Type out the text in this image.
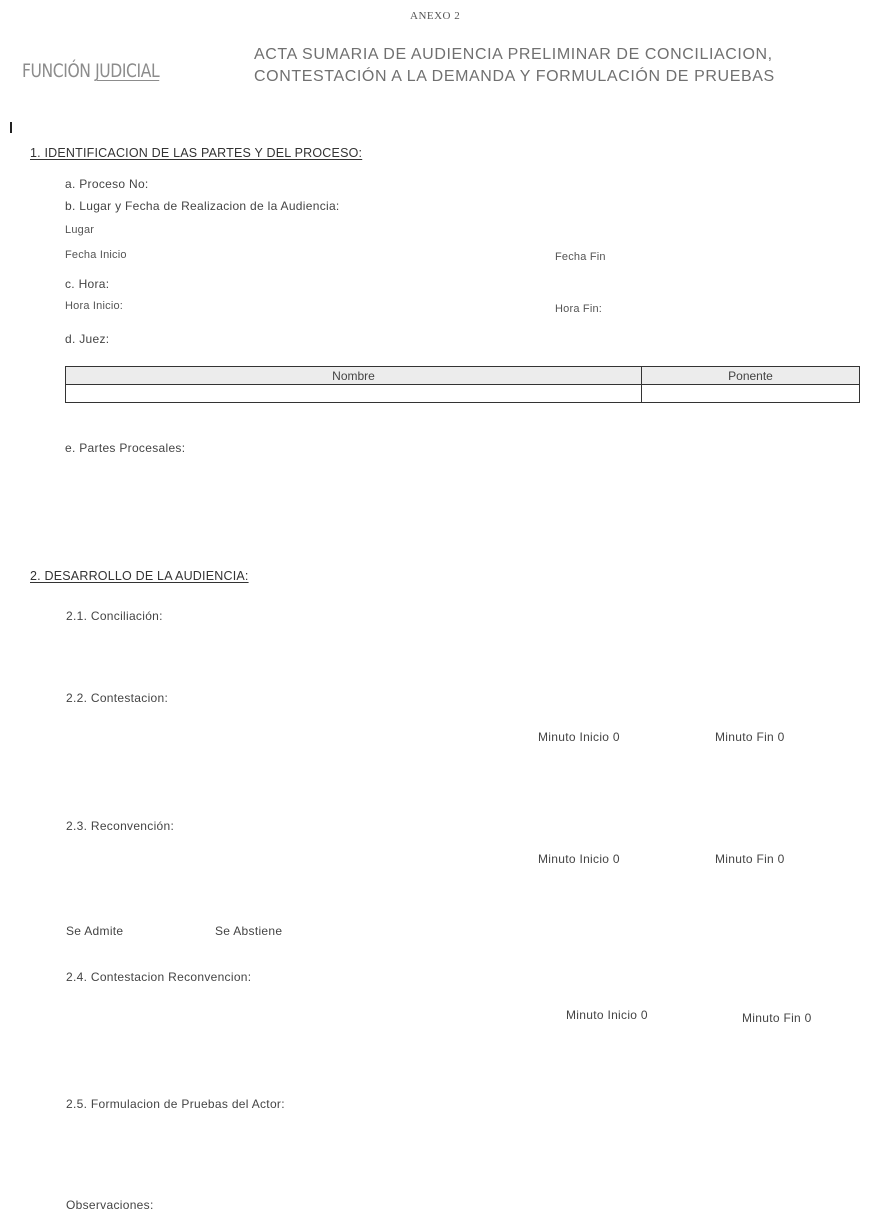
ANEXO 2
FUNCIÓN JUDICIAL
ACTA SUMARIA DE AUDIENCIA PRELIMINAR DE CONCILIACION,
CONTESTACIÓN A LA DEMANDA Y FORMULACIÓN DE PRUEBAS
1. IDENTIFICACION DE LAS PARTES Y DEL PROCESO:
a. Proceso No:
b. Lugar y Fecha de Realizacion de la Audiencia:
Lugar
Fecha Inicio	Fecha Fin
c. Hora:
Hora Inicio:	Hora Fin:
d. Juez:
Nombre	Ponente

e. Partes Procesales:
2. DESARROLLO DE LA AUDIENCIA:
2.1. Conciliación:
2.2. Contestacion:
Minuto Inicio 0	Minuto Fin 0
2.3. Reconvención:
Minuto Inicio 0	Minuto Fin 0
Se Admite	Se Abstiene
2.4. Contestacion Reconvencion:
Minuto Inicio 0	Minuto Fin 0
2.5. Formulacion de Pruebas del Actor:
Observaciones:
